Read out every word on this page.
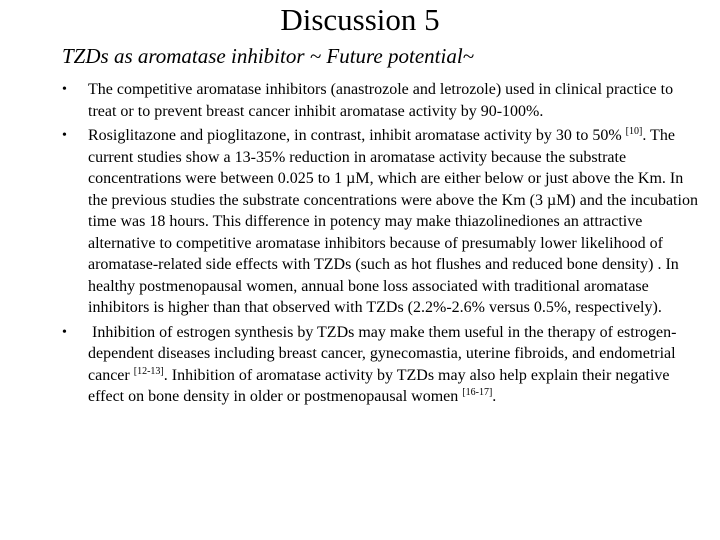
Discussion 5
TZDs as aromatase inhibitor ~ Future potential~
• The competitive aromatase inhibitors (anastrozole and letrozole) used in clinical practice to treat or to prevent breast cancer inhibit aromatase activity by 90-100%.
• Rosiglitazone and pioglitazone, in contrast, inhibit aromatase activity by 30 to 50% [10]. The current studies show a 13-35% reduction in aromatase activity because the substrate concentrations were between 0.025 to 1 µM, which are either below or just above the Km. In the previous studies the substrate concentrations were above the Km (3 µM) and the incubation time was 18 hours. This difference in potency may make thiazolinediones an attractive alternative to competitive aromatase inhibitors because of presumably lower likelihood of aromatase-related side effects with TZDs (such as hot flushes and reduced bone density) . In healthy postmenopausal women, annual bone loss associated with traditional aromatase inhibitors is higher than that observed with TZDs (2.2%-2.6% versus 0.5%, respectively).
• Inhibition of estrogen synthesis by TZDs may make them useful in the therapy of estrogen-dependent diseases including breast cancer, gynecomastia, uterine fibroids, and endometrial cancer [12-13]. Inhibition of aromatase activity by TZDs may also help explain their negative effect on bone density in older or postmenopausal women [16-17].
